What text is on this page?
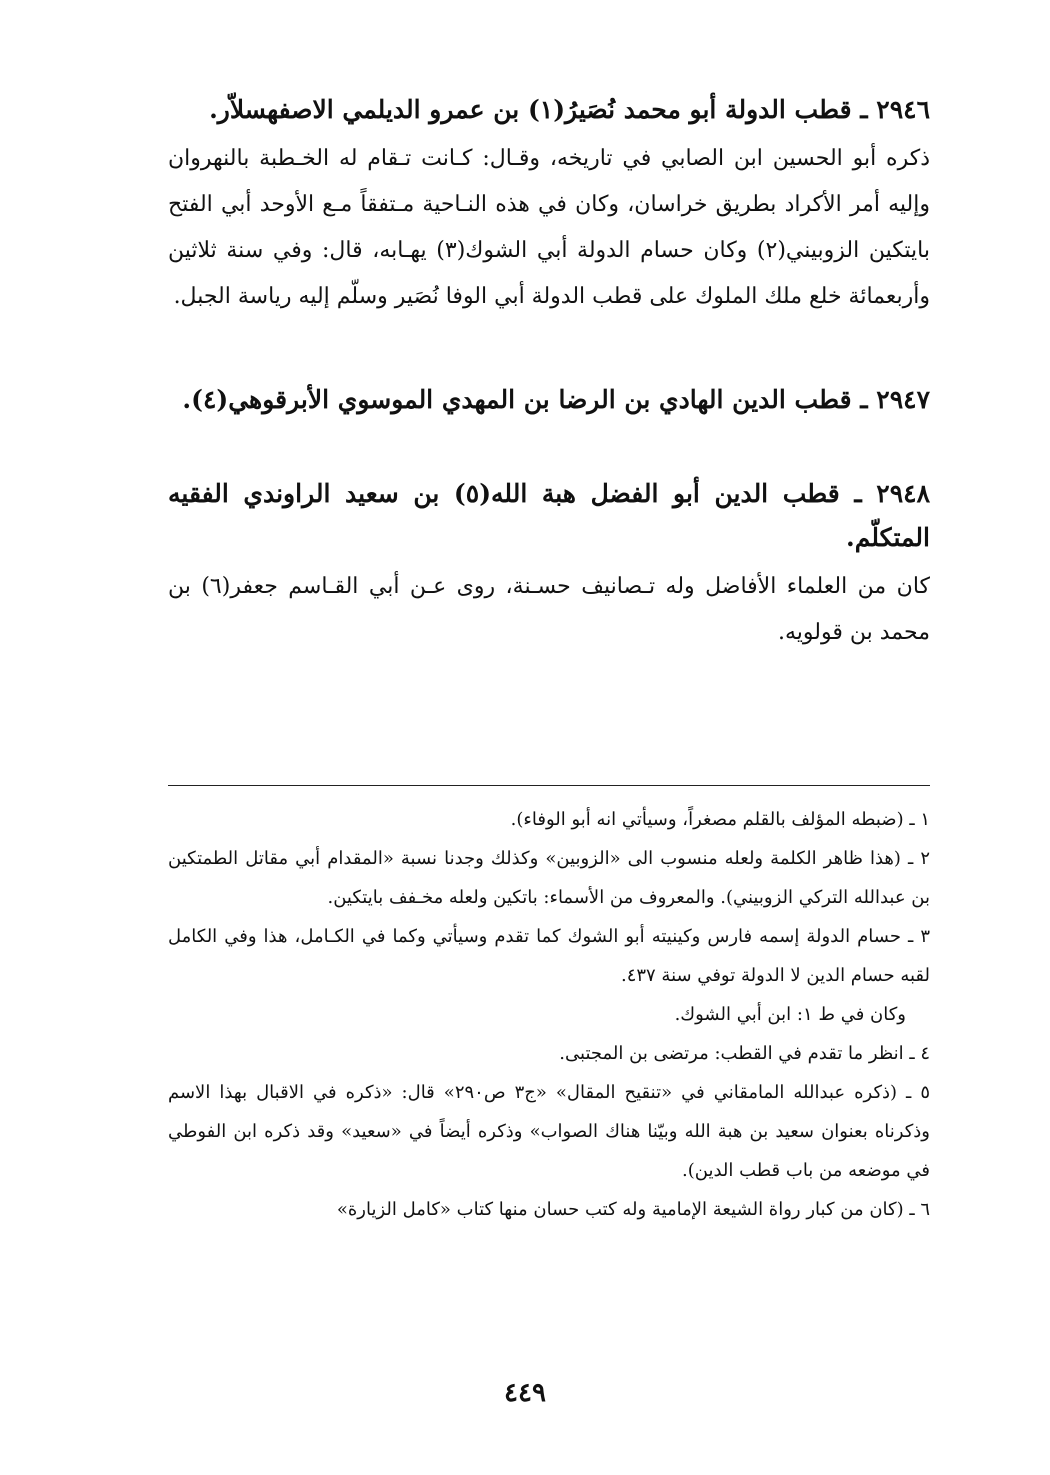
٢٩٤٦ ـ قطب الدولة أبو محمد نُصَيرُ(١) بن عمرو الديلمي الاصفهسلاّر.

ذكره أبو الحسين ابن الصابي في تاريخه، وقـال: كـانت تـقام له الخـطبة بالنهروان وإليه أمر الأكراد بطريق خراسان، وكان في هذه النـاحية مـتفقاً مـع الأوحد أبي الفتح بايتكين الزوبيني(٢) وكان حسام الدولة أبي الشوك(٣) يهـابه، قال: وفي سنة ثلاثين وأربعمائة خلع ملك الملوك على قطب الدولة أبي الوفا نُصَير وسلّم إليه رياسة الجبل.

٢٩٤٧ ـ قطب الدين الهادي بن الرضا بن المهدي الموسوي الأبرقوهي(٤).

٢٩٤٨ ـ قطب الدين أبو الفضل هبة الله(٥) بن سعيد الراوندي الفقيه المتكلّم.

كان من العلماء الأفاضل وله تـصانيف حسـنة، روى عـن أبي القـاسم جعفر(٦) بن محمد بن قولويه.

١ ـ (ضبطه المؤلف بالقلم مصغراً، وسيأتي انه أبو الوفاء).

٢ ـ (هذا ظاهر الكلمة ولعله منسوب الى «الزوبين» وكذلك وجدنا نسبة «المقدام أبي مقاتل الطمتكين بن عبدالله التركي الزوبيني). والمعروف من الأسماء: باتكين ولعله مخـفف بايتكين.

٣ ـ حسام الدولة إسمه فارس وكينيته أبو الشوك كما تقدم وسيأتي وكما في الكـامل، هذا وفي الكامل لقبه حسام الدين لا الدولة توفي سنة ٤٣٧.

وكان في ط ١: ابن أبي الشوك.

٤ ـ انظر ما تقدم في القطب: مرتضى بن المجتبى.

٥ ـ (ذكره عبدالله المامقاني في «تنقيح المقال» «ج٣ ص٢٩٠» قال: «ذكره في الاقبال بهذا الاسم وذكرناه بعنوان سعيد بن هبة الله وبيّنا هناك الصواب» وذكره أيضاً في «سعيد» وقد ذكره ابن الفوطي في موضعه من باب قطب الدين).

٦ ـ (كان من كبار رواة الشيعة الإمامية وله كتب حسان منها كتاب «كامل الزيارة»

٤٤٩
